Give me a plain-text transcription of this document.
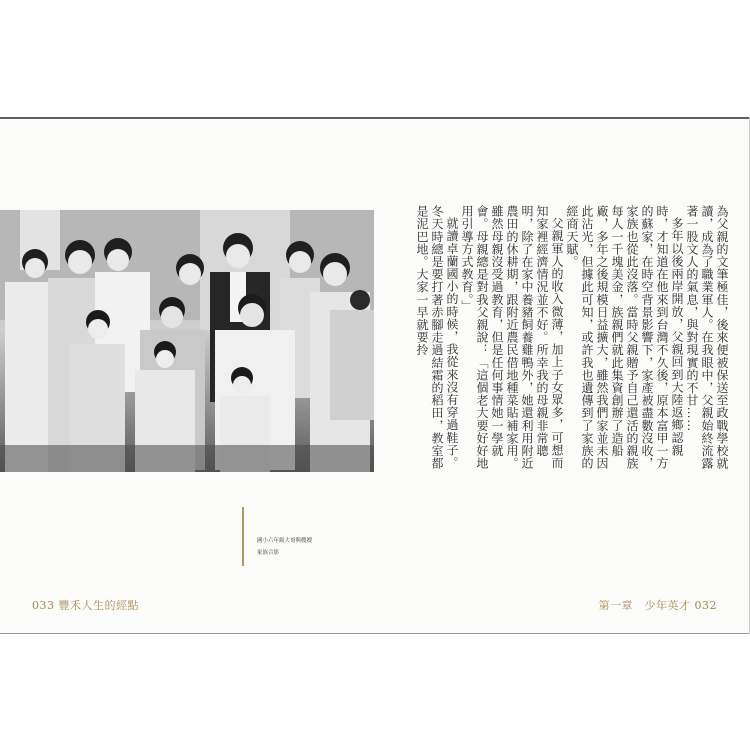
國小六年級大哥與嫂嫂
家族合影

為父親的文筆極佳，後來便被保送至政戰學校就讀，成為了職業軍人。在我眼中，父親始終流露著一股文人的氣息，與對現實的不甘……

多年以後兩岸開放，父親回到大陸返鄉認親時，才知道在他來到台灣不久後，原本富甲一方的蘇家，在時空背景影響下，家產被盡數沒收，家族也從此沒落。當時父親贈予自己還活的親族每人一千塊美金，族親們就此集資創辦了造船廠，多年之後規模日益擴大，雖然我們家並未因此沾光，但據此可知，或許我也遺傳到了家族的經商天賦。

父親軍人的收入微薄，加上子女眾多，可想而知家裡經濟情況並不好。所幸我的母親非常聰明，除了在家中養豬飼養雞鴨外，她還利用附近農田的休耕期，跟附近農民借地種菜貼補家用。雖然母親沒受過教育，但是任何事情她一學就會。母親總是對我父親說：「這個老大要好好地用引導方式教育。」

就讀卓蘭國小的時候，我從來沒有穿過鞋子。冬天時總是要打著赤腳走過結霜的稻田，教室都是泥巴地。大家一早就要拎

033 豐禾人生的經點	第一章　少年英才 032
